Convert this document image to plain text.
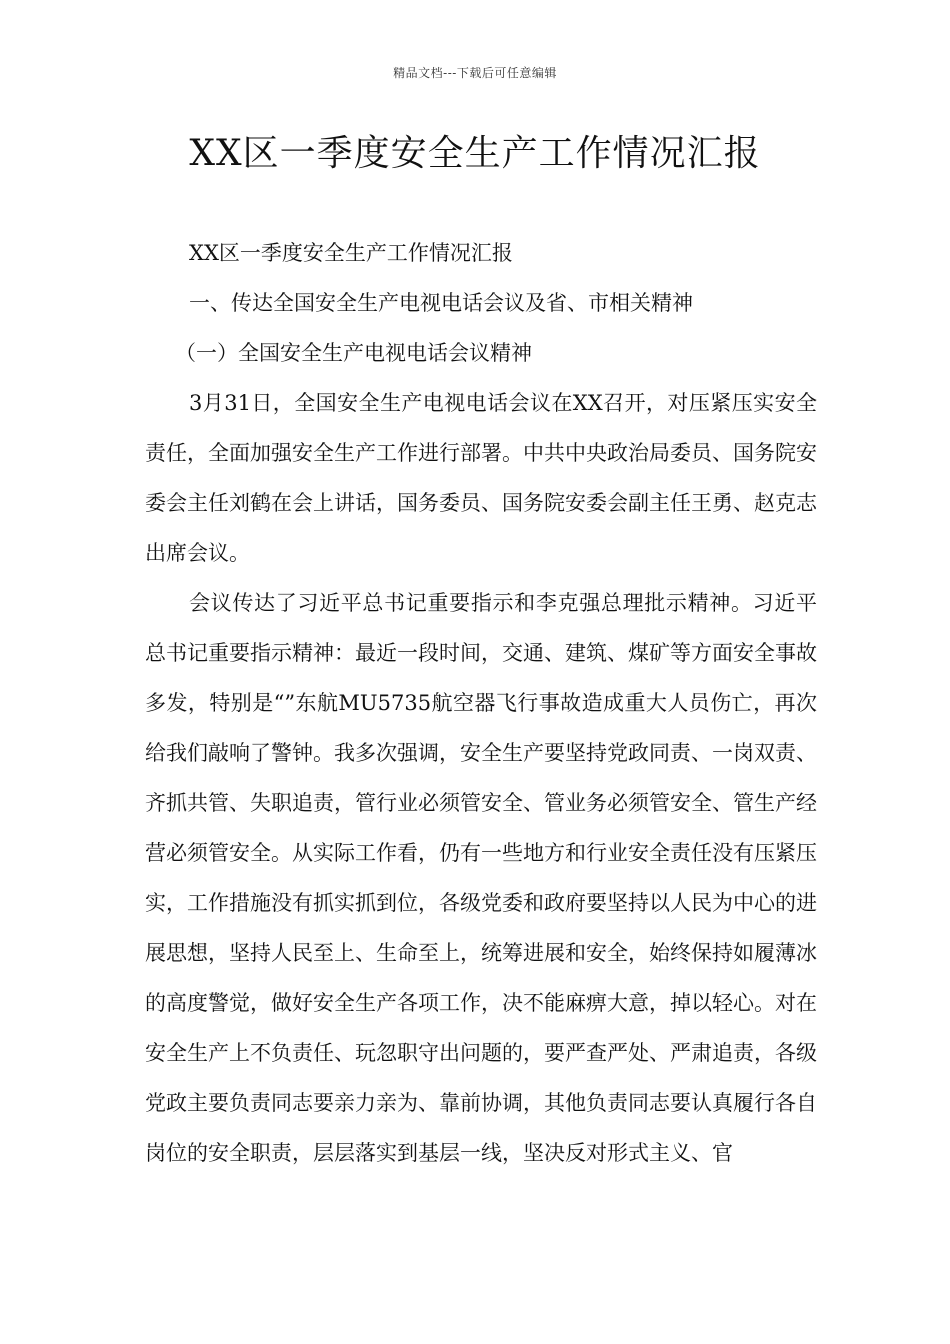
精品文档---下载后可任意编辑
XX区一季度安全生产工作情况汇报

XX区一季度安全生产工作情况汇报

一、传达全国安全生产电视电话会议及省、市相关精神

（一）全国安全生产电视电话会议精神

3月31日，全国安全生产电视电话会议在XX召开，对压紧压实安全责任，全面加强安全生产工作进行部署。中共中央政治局委员、国务院安委会主任刘鹤在会上讲话，国务委员、国务院安委会副主任王勇、赵克志出席会议。

会议传达了习近平总书记重要指示和李克强总理批示精神。习近平总书记重要指示精神：最近一段时间，交通、建筑、煤矿等方面安全事故多发，特别是“”东航MU5735航空器飞行事故造成重大人员伤亡，再次给我们敲响了警钟。我多次强调，安全生产要坚持党政同责、一岗双责、齐抓共管、失职追责，管行业必须管安全、管业务必须管安全、管生产经营必须管安全。从实际工作看，仍有一些地方和行业安全责任没有压紧压实，工作措施没有抓实抓到位，各级党委和政府要坚持以人民为中心的进展思想，坚持人民至上、生命至上，统筹进展和安全，始终保持如履薄冰的高度警觉，做好安全生产各项工作，决不能麻痹大意，掉以轻心。对在安全生产上不负责任、玩忽职守出问题的，要严查严处、严肃追责，各级党政主要负责同志要亲力亲为、靠前协调，其他负责同志要认真履行各自岗位的安全职责，层层落实到基层一线，坚决反对形式主义、官
